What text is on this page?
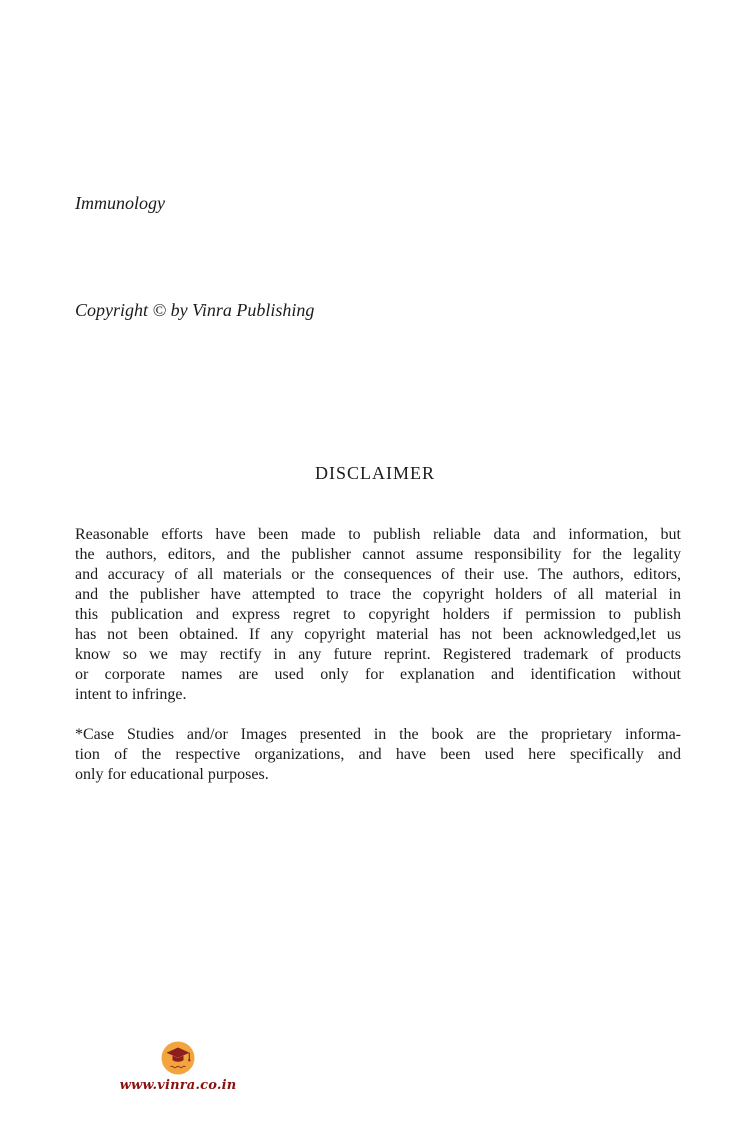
Immunology
Copyright © by Vinra Publishing
DISCLAIMER
Reasonable efforts have been made to publish reliable data and information, but
the authors, editors, and the publisher cannot assume responsibility for the legality
and accuracy of all materials or the consequences of their use. The authors, editors,
and the publisher have attempted to trace the copyright holders of all material in
this publication and express regret to copyright holders if permission to publish
has not been obtained. If any copyright material has not been acknowledged,let us
know so we may rectify in any future reprint. Registered trademark of products
or corporate names are used only for explanation and identification without
intent to infringe.
*Case Studies and/or Images presented in the book are the proprietary informa-
tion of the respective organizations, and have been used here specifically and
only for educational purposes.
www.vinra.co.in
